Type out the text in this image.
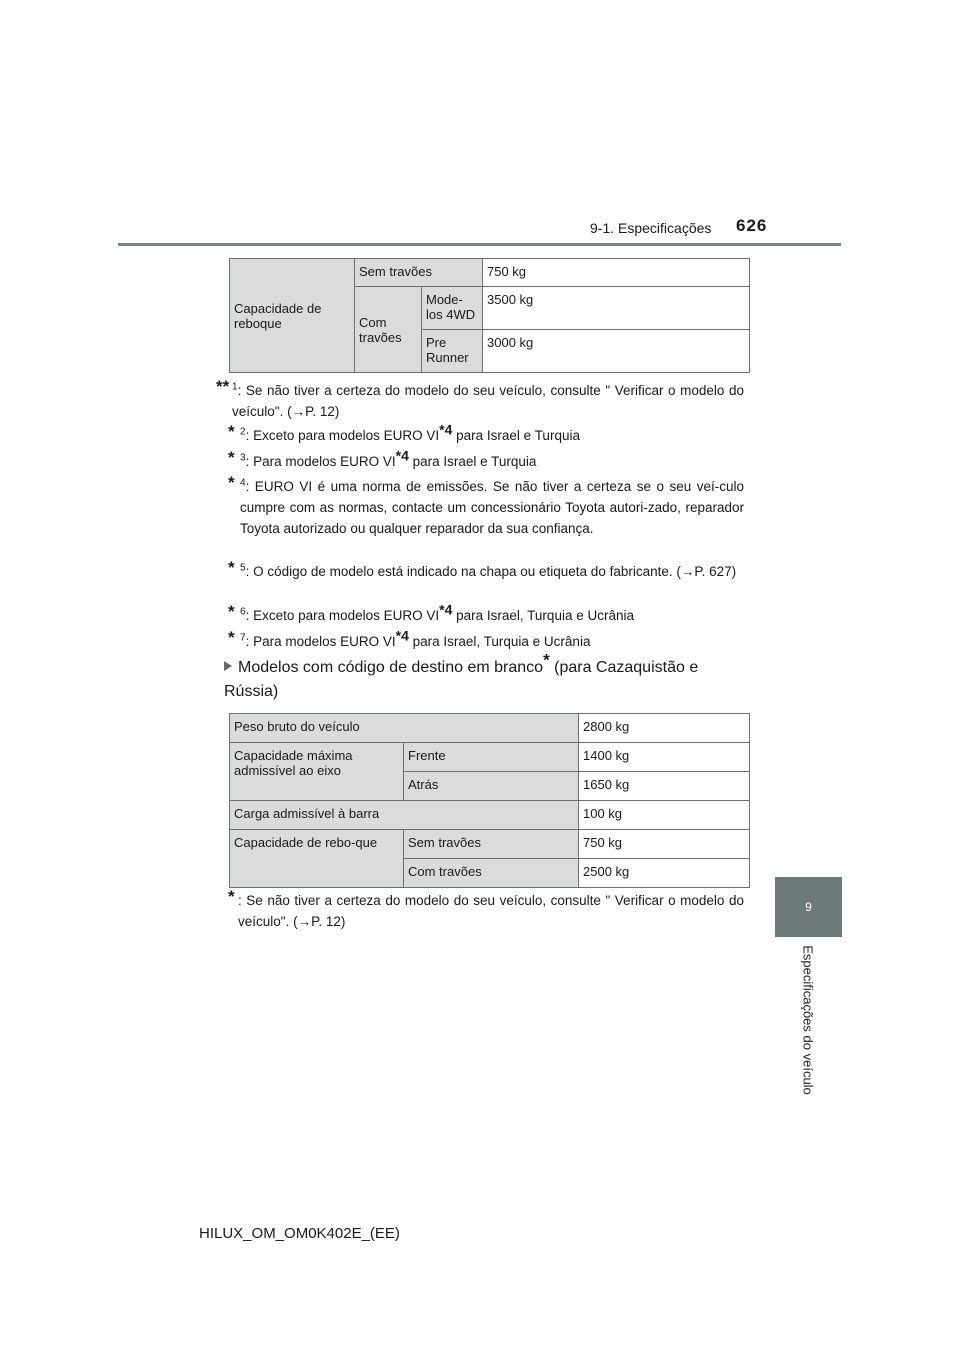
9-1. Especificações 626
9
Especificações do veículo
Capacidade de reboque	Sem travões		750 kg
	Com travões	Mode-los 4WD	3500 kg
		Pre Runner	3000 kg
** $^1$: Se não tiver a certeza do modelo do seu veículo, consulte " Verificar o modelo do veículo". (→P. 12)
* $^2$: Exceto para modelos EURO VI$^{*4}$ para Israel e Turquia
* $^3$: Para modelos EURO VI$^{*4}$ para Israel e Turquia
* $^4$: EURO VI é uma norma de emissões. Se não tiver a certeza se o seu veí-culo cumpre com as normas, contacte um concessionário Toyota autori-zado, reparador Toyota autorizado ou qualquer reparador da sua confiança.
* $^5$: O código de modelo está indicado na chapa ou etiqueta do fabricante. (→P. 627)
* $^6$: Exceto para modelos EURO VI$^{*4}$ para Israel, Turquia e Ucrânia
* $^7$: Para modelos EURO VI$^{*4}$ para Israel, Turquia e Ucrânia
Modelos com código de destino em branco* (para Cazaquistão e Rússia)
Peso bruto do veículo		2800 kg
Capacidade máxima admissível ao eixo	Frente	1400 kg
	Atrás	1650 kg
Carga admissível à barra		100 kg
Capacidade de rebo-que	Sem travões	750 kg
	Com travões	2500 kg
* : Se não tiver a certeza do modelo do seu veículo, consulte " Verificar o modelo do veículo". (→P. 12)
HILUX_OM_OM0K402E_(EE)
